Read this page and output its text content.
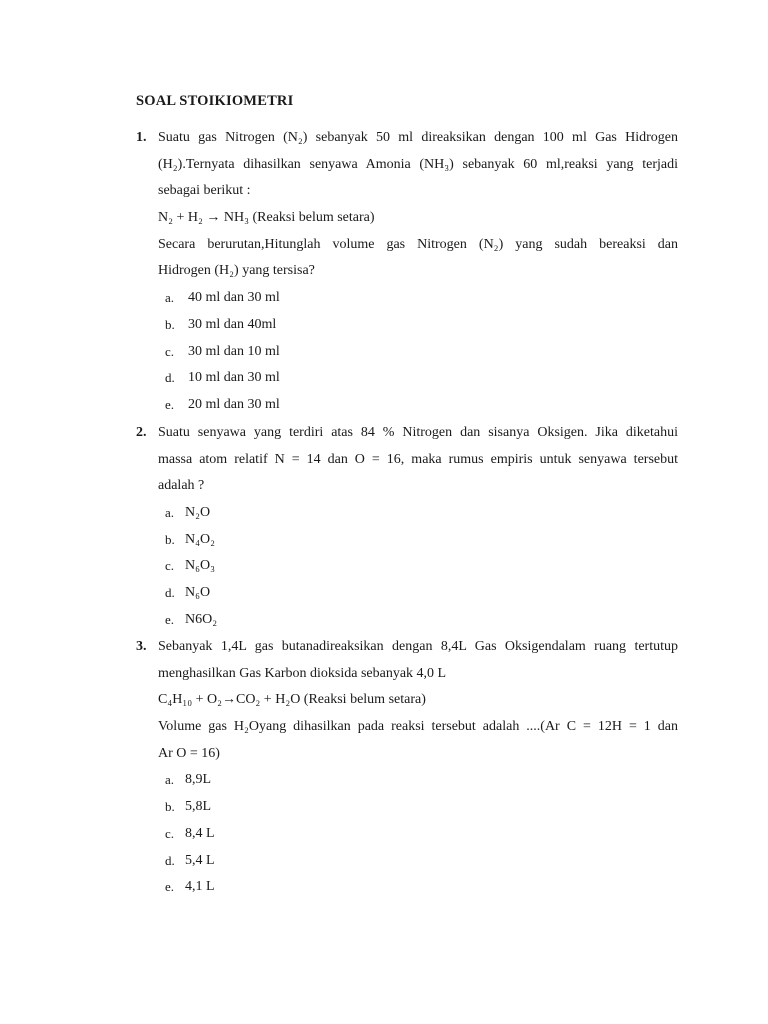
SOAL STOIKIOMETRI
1. Suatu gas Nitrogen (N₂) sebanyak 50 ml direaksikan dengan 100 ml Gas Hidrogen
(H₂).Ternyata dihasilkan senyawa Amonia (NH₃) sebanyak 60 ml,reaksi yang terjadi
sebagai berikut :
N₂ + H₂ → NH₃ (Reaksi belum setara)
Secara berurutan,Hitunglah volume gas Nitrogen (N₂) yang sudah bereaksi dan
Hidrogen (H₂) yang tersisa?
a. 40 ml dan 30 ml
b. 30 ml dan 40ml
c. 30 ml dan 10 ml
d. 10 ml dan 30 ml
e. 20 ml dan 30 ml
2. Suatu senyawa yang terdiri atas 84 % Nitrogen dan sisanya Oksigen. Jika diketahui
massa atom relatif N = 14 dan O = 16, maka rumus empiris untuk senyawa tersebut
adalah ?
a. N₂O
b. N₄O₂
c. N₆O₃
d. N₆O
e. N6O₂
3. Sebanyak 1,4L gas butanadireaksikan dengan 8,4L Gas Oksigendalam ruang tertutup
menghasilkan Gas Karbon dioksida sebanyak 4,0 L
C₄H₁₀ + O₂→CO₂ + H₂O (Reaksi belum setara)
Volume gas H₂Oyang dihasilkan pada reaksi tersebut adalah ....(Ar C = 12H = 1 dan
Ar O = 16)
a. 8,9L
b. 5,8L
c. 8,4 L
d. 5,4 L
e. 4,1 L
